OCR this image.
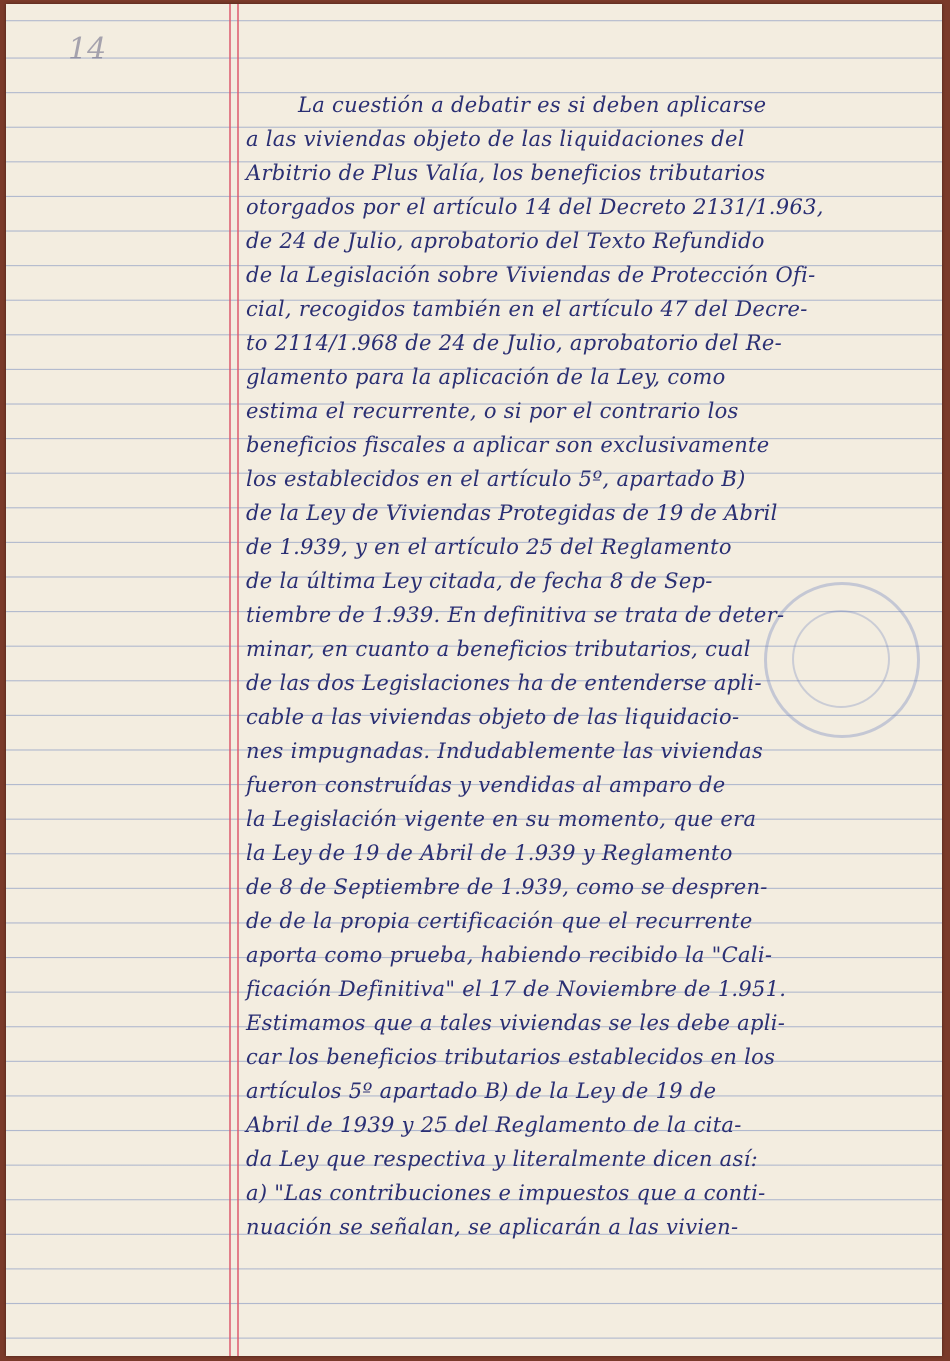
14
La cuestión a debatir es si deben aplicarse
a las viviendas objeto de las liquidaciones del
Arbitrio de Plus Valía, los beneficios tributarios
otorgados por el artículo 14 del Decreto 2131/1.963,
de 24 de Julio, aprobatorio del Texto Refundido
de la Legislación sobre Viviendas de Protección Ofi-
cial, recogidos también en el artículo 47 del Decre-
to 2114/1.968 de 24 de Julio, aprobatorio del Re-
glamento para la aplicación de la Ley, como
estima el recurrente, o si por el contrario los
beneficios fiscales a aplicar son exclusivamente
los establecidos en el artículo 5º, apartado B)
de la Ley de Viviendas Protegidas de 19 de Abril
de 1.939, y en el artículo 25 del Reglamento
de la última Ley citada, de fecha 8 de Sep-
tiembre de 1.939. En definitiva se trata de deter-
minar, en cuanto a beneficios tributarios, cual
de las dos Legislaciones ha de entenderse apli-
cable a las viviendas objeto de las liquidacio-
nes impugnadas. Indudablemente las viviendas
fueron construídas y vendidas al amparo de
la Legislación vigente en su momento, que era
la Ley de 19 de Abril de 1.939 y Reglamento
de 8 de Septiembre de 1.939, como se despren-
de de la propia certificación que el recurrente
aporta como prueba, habiendo recibido la "Cali-
ficación Definitiva" el 17 de Noviembre de 1.951.
Estimamos que a tales viviendas se les debe apli-
car los beneficios tributarios establecidos en los
artículos 5º apartado B) de la Ley de 19 de
Abril de 1939 y 25 del Reglamento de la cita-
da Ley que respectiva y literalmente dicen así:
a) "Las contribuciones e impuestos que a conti-
nuación se señalan, se aplicarán a las vivien-
